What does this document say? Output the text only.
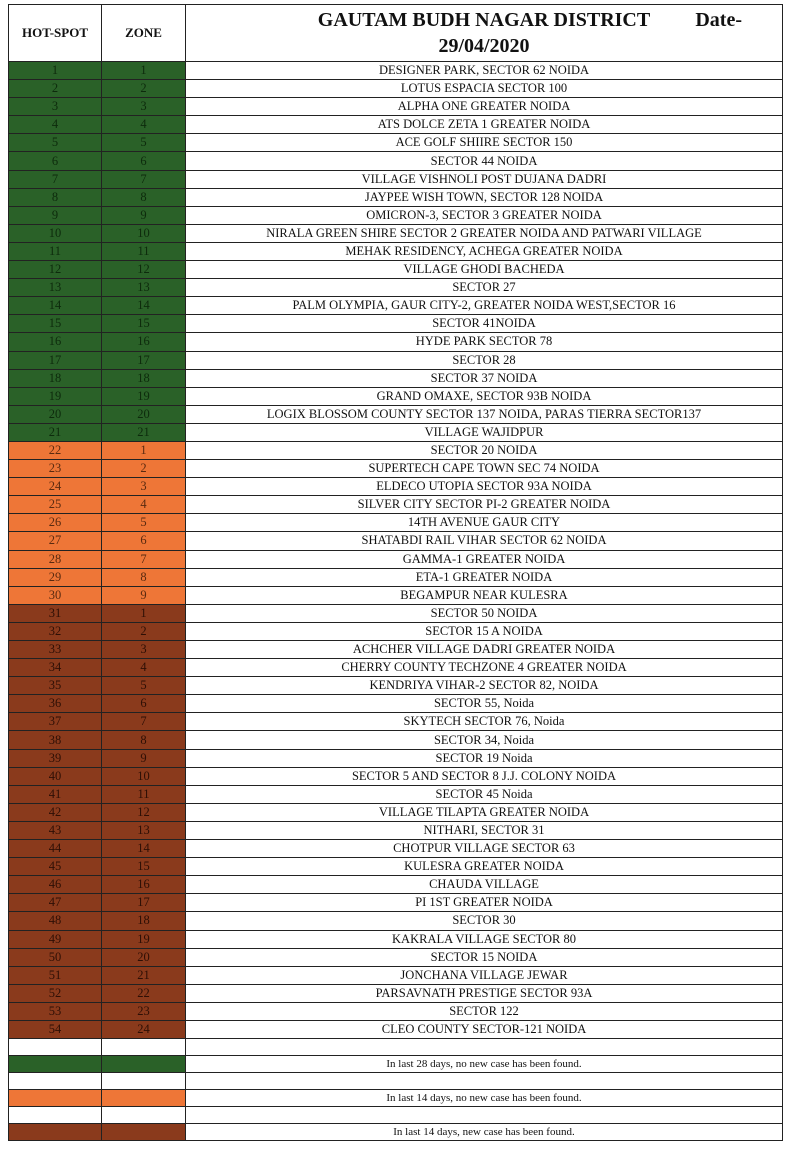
HOT-SPOT	ZONE	GAUTAM BUDH NAGAR DISTRICT Date-
29/04/2020

1	1	DESIGNER PARK, SECTOR 62 NOIDA
2	2	LOTUS ESPACIA SECTOR 100
3	3	ALPHA ONE GREATER NOIDA
4	4	ATS DOLCE ZETA 1 GREATER NOIDA
5	5	ACE GOLF SHIIRE SECTOR 150
6	6	SECTOR 44 NOIDA
7	7	VILLAGE VISHNOLI POST DUJANA DADRI
8	8	JAYPEE WISH TOWN, SECTOR 128 NOIDA
9	9	OMICRON-3, SECTOR 3 GREATER NOIDA
10	10	NIRALA GREEN SHIRE SECTOR 2 GREATER NOIDA AND PATWARI VILLAGE
11	11	MEHAK RESIDENCY, ACHEGA GREATER NOIDA
12	12	VILLAGE GHODI BACHEDA
13	13	SECTOR 27
14	14	PALM OLYMPIA, GAUR CITY-2, GREATER NOIDA WEST,SECTOR 16
15	15	SECTOR 41NOIDA
16	16	HYDE PARK SECTOR 78
17	17	SECTOR 28
18	18	SECTOR 37 NOIDA
19	19	GRAND OMAXE, SECTOR 93B NOIDA
20	20	LOGIX BLOSSOM COUNTY SECTOR 137 NOIDA, PARAS TIERRA SECTOR137
21	21	VILLAGE WAJIDPUR
22	1	SECTOR 20 NOIDA
23	2	SUPERTECH CAPE TOWN SEC 74 NOIDA
24	3	ELDECO UTOPIA SECTOR 93A NOIDA
25	4	SILVER CITY SECTOR PI-2 GREATER NOIDA
26	5	14TH AVENUE GAUR CITY
27	6	SHATABDI RAIL VIHAR SECTOR 62 NOIDA
28	7	GAMMA-1 GREATER NOIDA
29	8	ETA-1 GREATER NOIDA
30	9	BEGAMPUR NEAR KULESRA
31	1	SECTOR 50 NOIDA
32	2	SECTOR 15 A NOIDA
33	3	ACHCHER VILLAGE DADRI GREATER NOIDA
34	4	CHERRY COUNTY TECHZONE 4 GREATER NOIDA
35	5	KENDRIYA VIHAR-2 SECTOR 82, NOIDA
36	6	SECTOR 55, Noida
37	7	SKYTECH SECTOR 76, Noida
38	8	SECTOR 34, Noida
39	9	SECTOR 19 Noida
40	10	SECTOR 5 AND SECTOR 8 J.J. COLONY NOIDA
41	11	SECTOR 45 Noida
42	12	VILLAGE TILAPTA GREATER NOIDA
43	13	NITHARI, SECTOR 31
44	14	CHOTPUR VILLAGE SECTOR 63
45	15	KULESRA GREATER NOIDA
46	16	CHAUDA VILLAGE
47	17	PI 1ST GREATER NOIDA
48	18	SECTOR 30
49	19	KAKRALA VILLAGE SECTOR 80
50	20	SECTOR 15 NOIDA
51	21	JONCHANA VILLAGE JEWAR
52	22	PARSAVNATH PRESTIGE SECTOR 93A
53	23	SECTOR 122
54	24	CLEO COUNTY SECTOR-121 NOIDA

		In last 28 days, no new case has been found.

		In last 14 days, no new case has been found.

		In last 14 days, new case has been found.
